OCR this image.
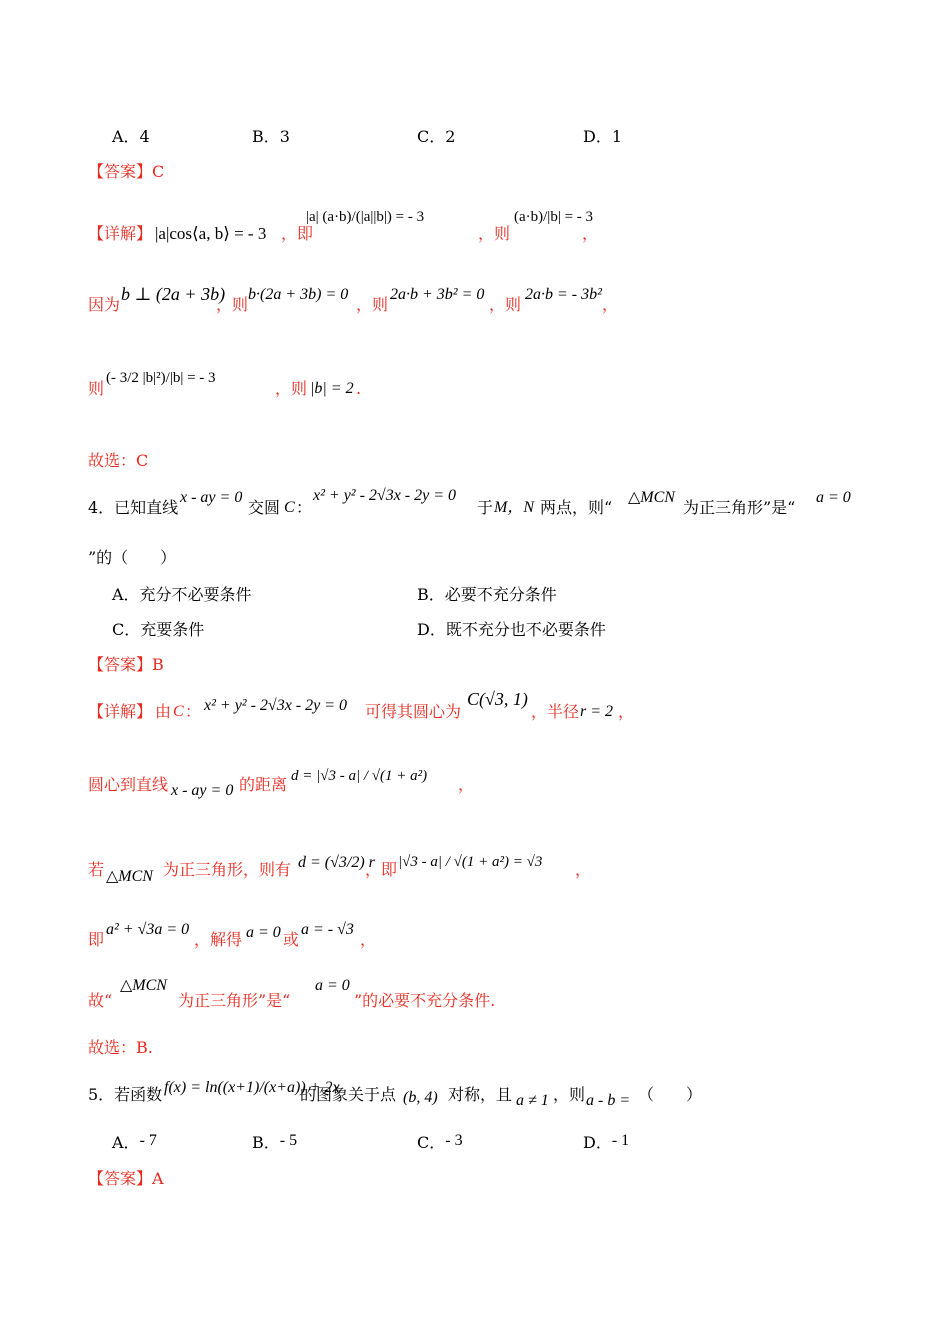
A．4	B．3	C．2	D．1
【答案】C
【详解】 |a|cos⟨a, b⟩ = - 3 ，即
|a| (a·b)/(|a||b|) = - 3
，则
(a·b)/|b| = - 3
，
因为
b ⊥ (2a + 3b)
，则
b·(2a + 3b) = 0
，则
2a·b + 3b² = 0
，则
2a·b = - 3b²
，
则
(- 3/2 |b|²)/|b| = - 3
，则 |b| = 2 .
故选：C
4．已知直线
x - ay = 0
交圆 C ：
x² + y² - 2√3x - 2y = 0
于 M，N 两点，则“
△MCN
为正三角形”是“
a = 0
”的（　　）
A．充分不必要条件	B．必要不充分条件
C．充要条件	D．既不充分也不必要条件
【答案】B
【详解】 由 C ： x² + y² - 2√3x - 2y = 0 可得其圆心为
C(√3, 1)
，半径 r = 2 ，
圆心到直线 x - ay = 0 的距离 d = |√3 - a| / √(1 + a²) ，
若 △MCN 为正三角形，则有 d = (√3/2) r
，即 |√3 - a| / √(1 + a²) = √3 ，
即
a² + √3a = 0
，解得 a = 0 或
a = - √3
，
故“
△MCN
为正三角形”是“
a = 0
”的必要不充分条件.
故选：B.
5．若函数 f(x) = ln((x+1)/(x+a)) + 2x
的图象关于点 (b, 4) 对称，且 a ≠ 1 ，则 a - b = （　　）
A．- 7	B．- 5	C．- 3	D．- 1
【答案】A
